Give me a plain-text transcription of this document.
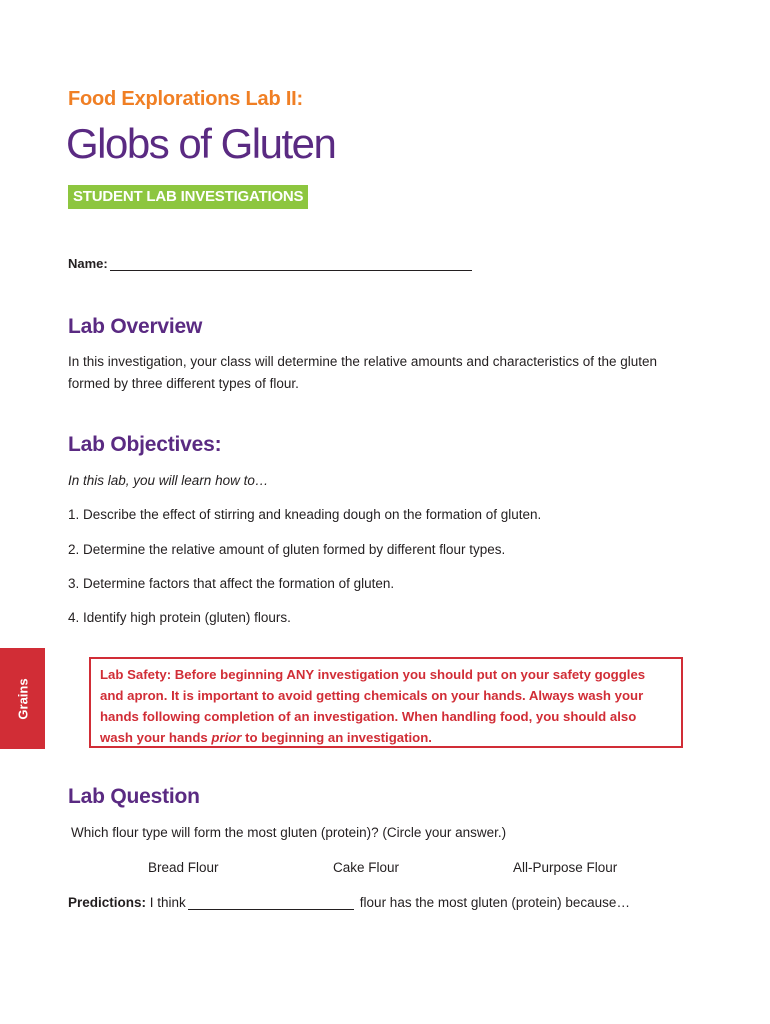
Food Explorations Lab II:
Globs of Gluten
STUDENT LAB INVESTIGATIONS
Name:
Lab Overview
In this investigation, your class will determine the relative amounts and characteristics of the gluten
formed by three different types of flour.
Lab Objectives:
In this lab, you will learn how to…
1. Describe the effect of stirring and kneading dough on the formation of gluten.
2. Determine the relative amount of gluten formed by different flour types.
3. Determine factors that affect the formation of gluten.
4. Identify high protein (gluten) flours.
Grains
Lab Safety: Before beginning ANY investigation you should put on your safety goggles
and apron. It is important to avoid getting chemicals on your hands. Always wash your
hands following completion of an investigation. When handling food, you should also
wash your hands prior to beginning an investigation.
Lab Question
Which flour type will form the most gluten (protein)? (Circle your answer.)
Bread Flour	Cake Flour	All-Purpose Flour
Predictions: I think	flour has the most gluten (protein) because…
